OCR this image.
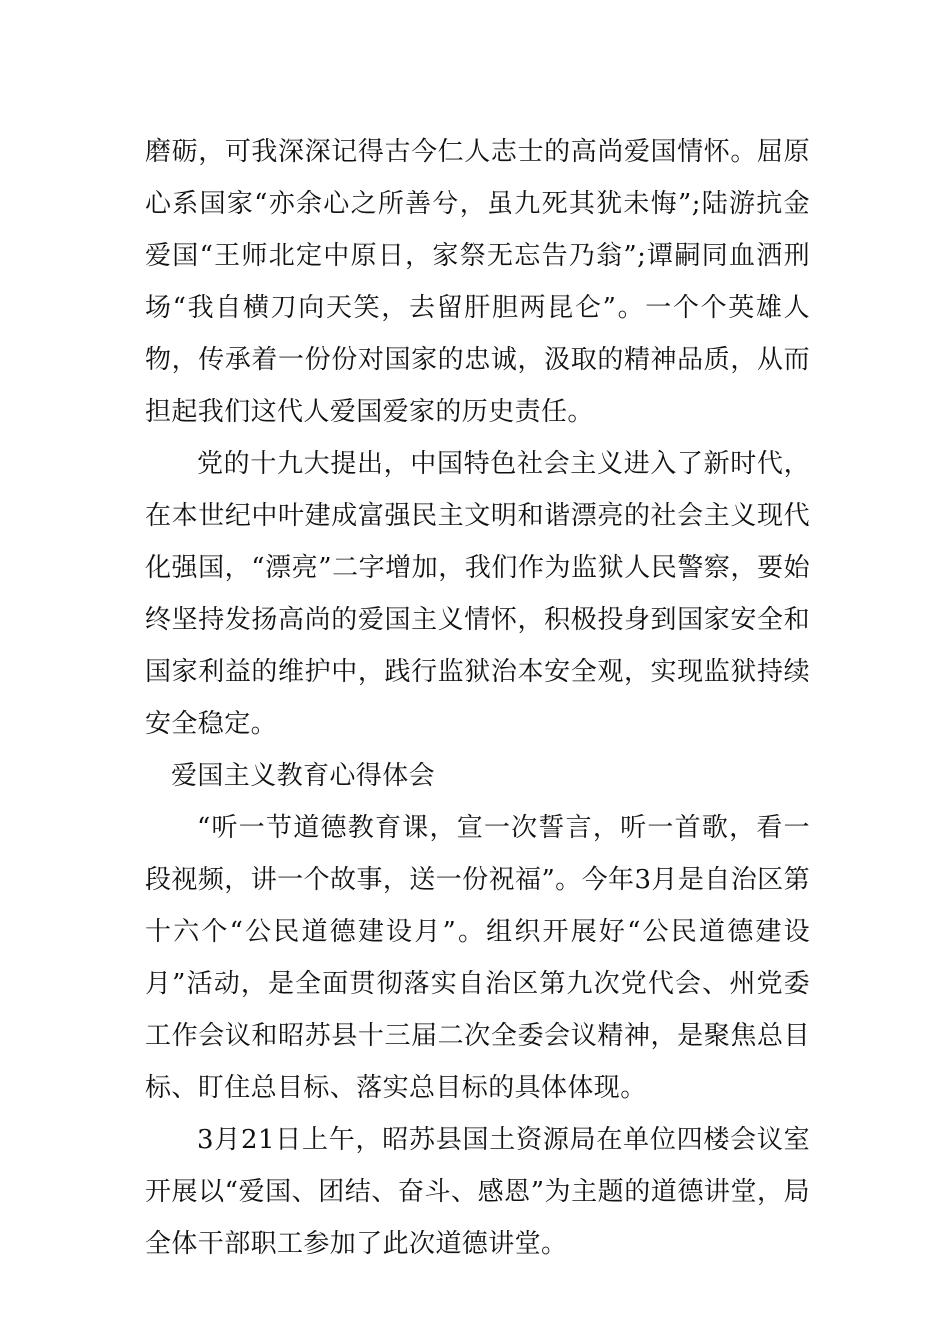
磨砺，可我深深记得古今仁人志士的高尚爱国情怀。屈原心系国家“亦余心之所善兮，虽九死其犹未悔”;陆游抗金爱国“王师北定中原日，家祭无忘告乃翁”;谭嗣同血洒刑场“我自横刀向天笑，去留肝胆两昆仑”。一个个英雄人物，传承着一份份对国家的忠诚，汲取的精神品质，从而担起我们这代人爱国爱家的历史责任。

党的十九大提出，中国特色社会主义进入了新时代，在本世纪中叶建成富强民主文明和谐漂亮的社会主义现代化强国，“漂亮”二字增加，我们作为监狱人民警察，要始终坚持发扬高尚的爱国主义情怀，积极投身到国家安全和国家利益的维护中，践行监狱治本安全观，实现监狱持续安全稳定。

爱国主义教育心得体会

“听一节道德教育课，宣一次誓言，听一首歌，看一段视频，讲一个故事，送一份祝福”。今年3月是自治区第十六个“公民道德建设月”。组织开展好“公民道德建设月”活动，是全面贯彻落实自治区第九次党代会、州党委工作会议和昭苏县十三届二次全委会议精神，是聚焦总目标、盯住总目标、落实总目标的具体体现。

3月21日上午，昭苏县国土资源局在单位四楼会议室开展以“爱国、团结、奋斗、感恩”为主题的道德讲堂，局全体干部职工参加了此次道德讲堂。
